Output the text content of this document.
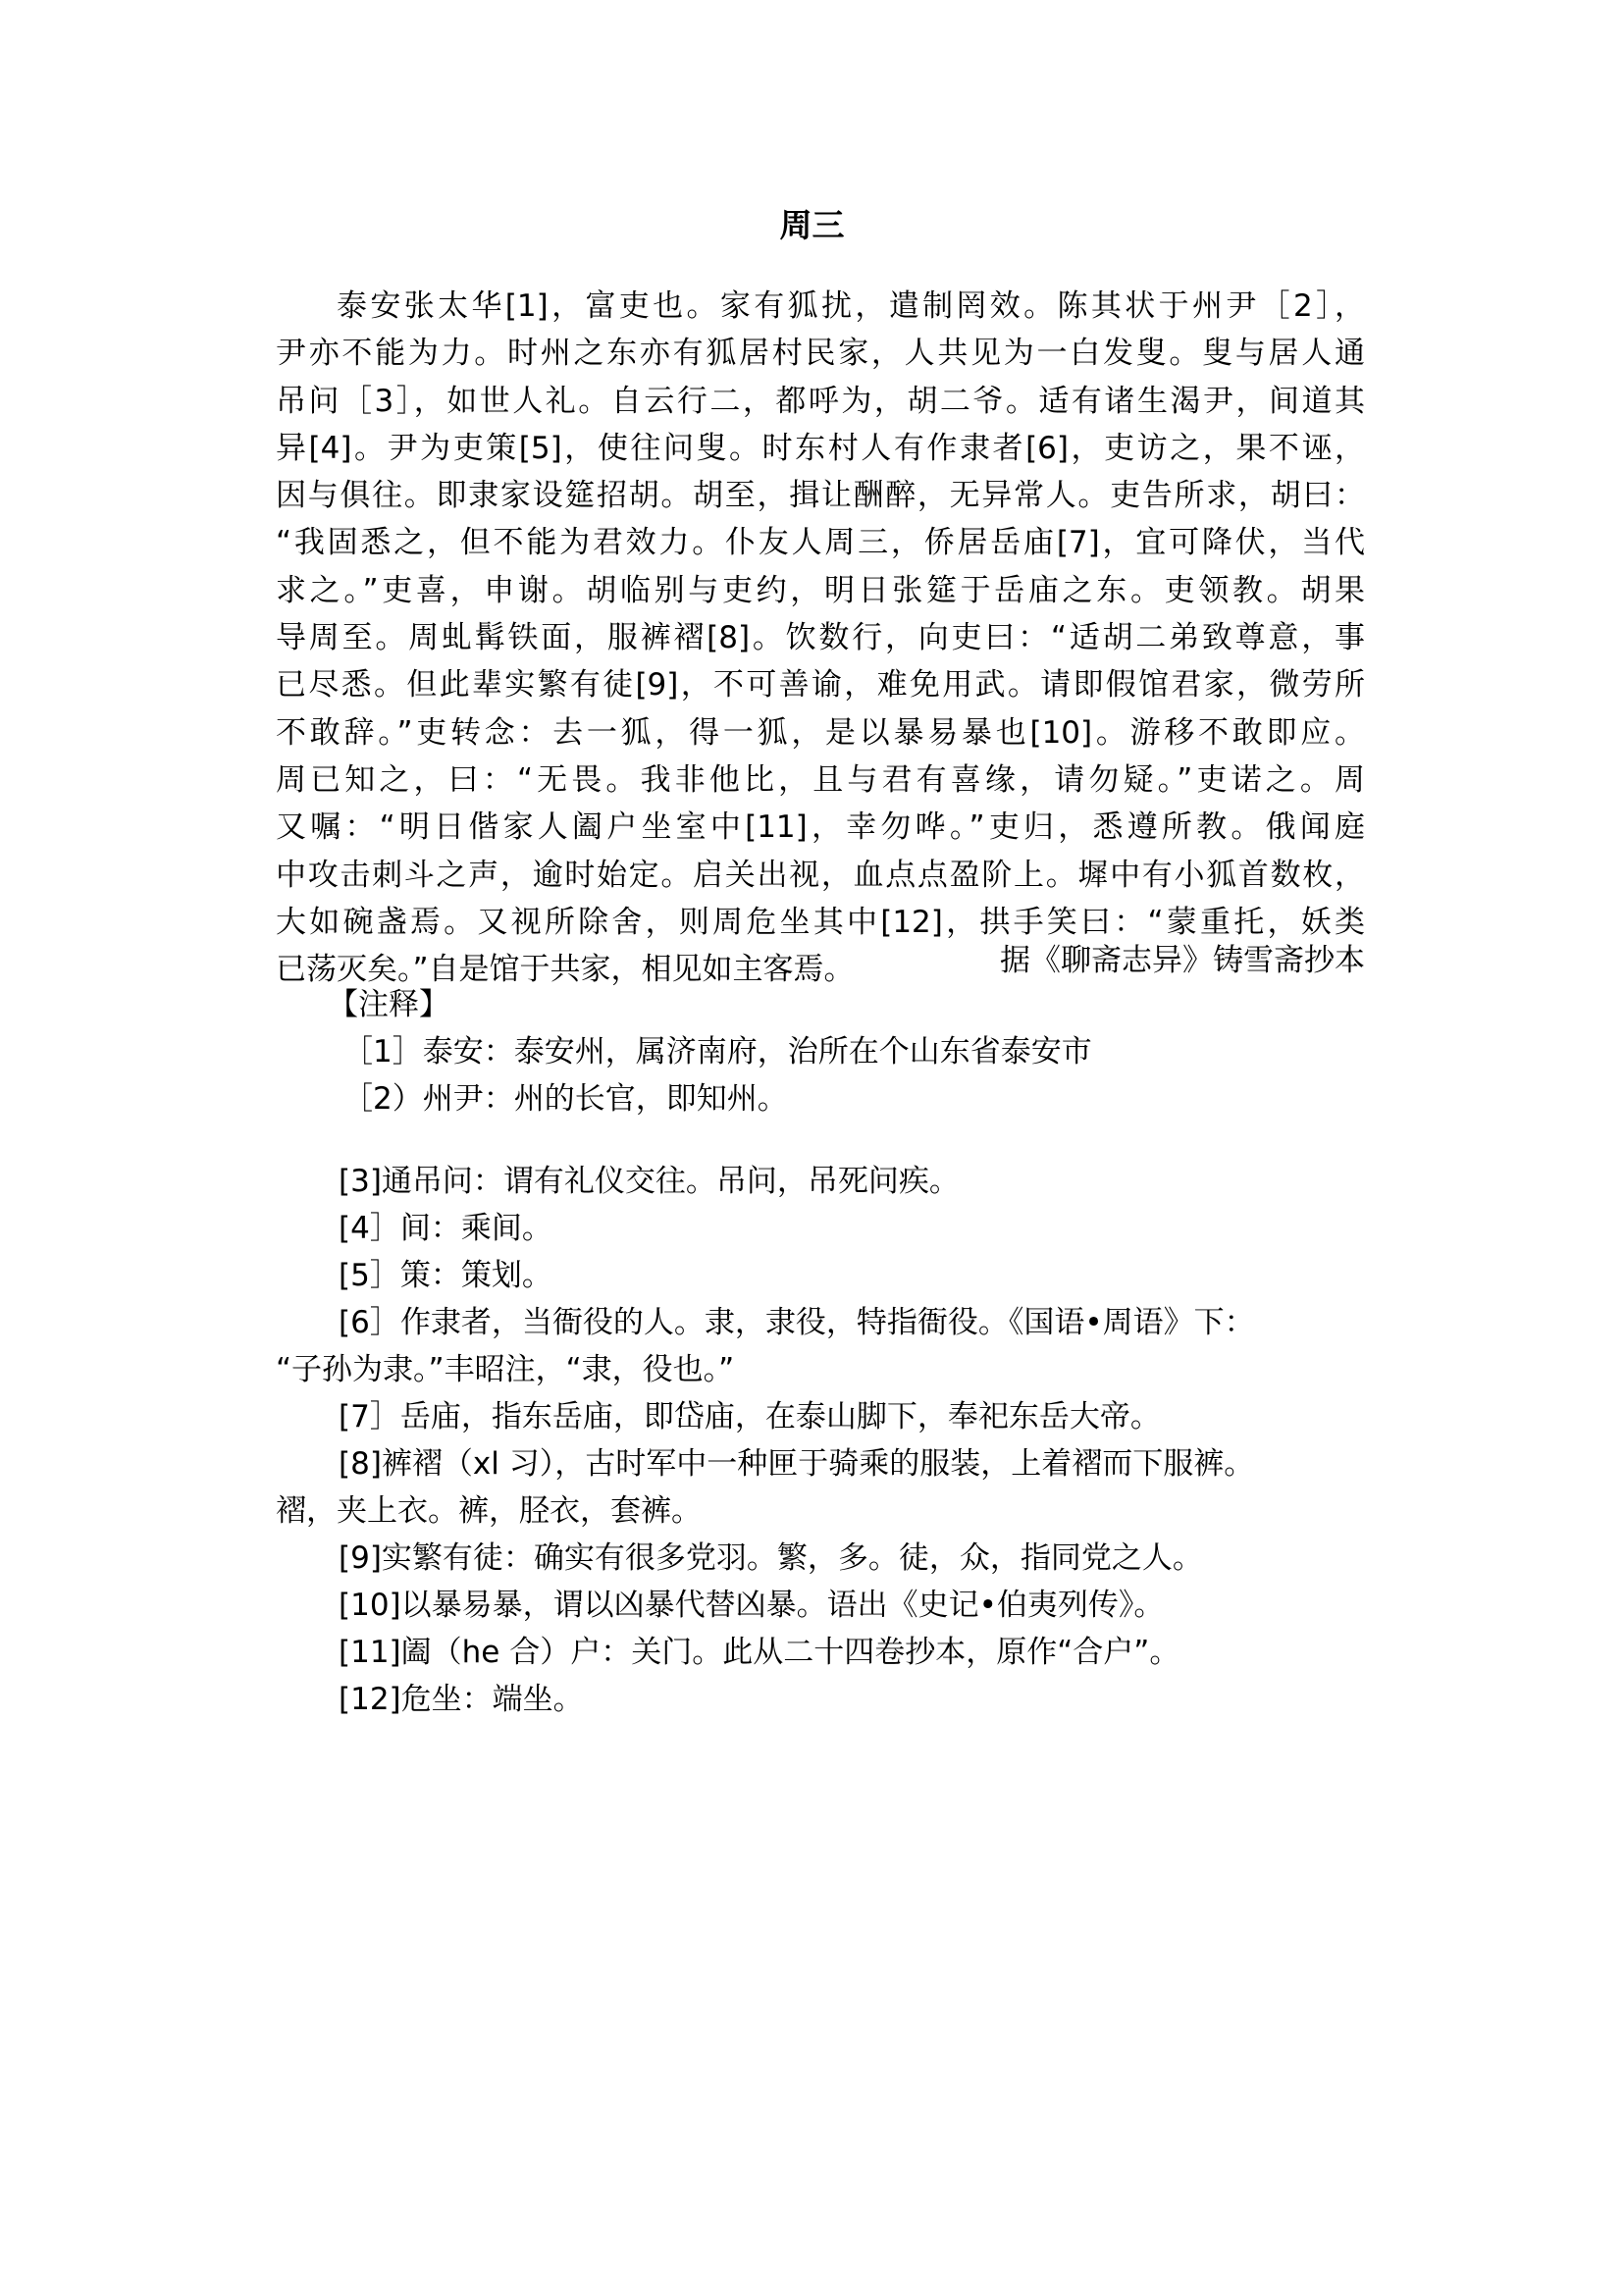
周三
泰安张太华[1]，富吏也。家有狐扰，遣制罔效。陈其状于州尹［2］，
尹亦不能为力。时州之东亦有狐居村民家，人共见为一白发叟。叟与居人通
吊问［3］，如世人礼。自云行二，都呼为，胡二爷。适有诸生渴尹，间道其
异[4]。尹为吏策[5]，使往问叟。时东村人有作隶者[6]，吏访之，果不诬，
因与俱往。即隶家设筵招胡。胡至，揖让酬醉，无异常人。吏告所求，胡曰：
“我固悉之，但不能为君效力。仆友人周三，侨居岳庙[7]，宜可降伏，当代
求之。”吏喜，申谢。胡临别与吏约，明日张筵于岳庙之东。吏领教。胡果
导周至。周虬髯铁面，服裤褶[8]。饮数行，向吏曰：“适胡二弟致尊意，事
已尽悉。但此辈实繁有徒[9]，不可善谕，难免用武。请即假馆君家，微劳所
不敢辞。”吏转念：去一狐，得一狐，是以暴易暴也[10]。游移不敢即应。
周已知之，曰：“无畏。我非他比，且与君有喜缘，请勿疑。”吏诺之。周
又嘱：“明日偕家人阖户坐室中[11]，幸勿哗。”吏归，悉遵所教。俄闻庭
中攻击刺斗之声，逾时始定。启关出视，血点点盈阶上。墀中有小狐首数枚，
大如碗盏焉。又视所除舍，则周危坐其中[12]，拱手笑曰：“蒙重托，妖类
已荡灭矣。”自是馆于共家，相见如主客焉。	据《聊斋志异》铸雪斋抄本

【注释】
［1］泰安：泰安州，属济南府，治所在个山东省泰安市
［2）州尹：州的长官，即知州。
[3]通吊问：谓有礼仪交往。吊问，吊死问疾。
[4］间：乘间。
[5］策：策划。
[6］作隶者，当衙役的人。隶，隶役，特指衙役。《国语•周语》下：
“子孙为隶。”丰昭注，“隶，役也。”
[7］岳庙，指东岳庙，即岱庙，在泰山脚下，奉祀东岳大帝。
[8]裤褶（xl 习），古时军中一种匣于骑乘的服装，上着褶而下服裤。
褶，夹上衣。裤，胫衣，套裤。
[9]实繁有徒：确实有很多党羽。繁，多。徒，众，指同党之人。
[10]以暴易暴，谓以凶暴代替凶暴。语出《史记•伯夷列传》。
[11]阖（he 合）户：关门。此从二十四卷抄本，原作“合户”。
[12]危坐：端坐。
